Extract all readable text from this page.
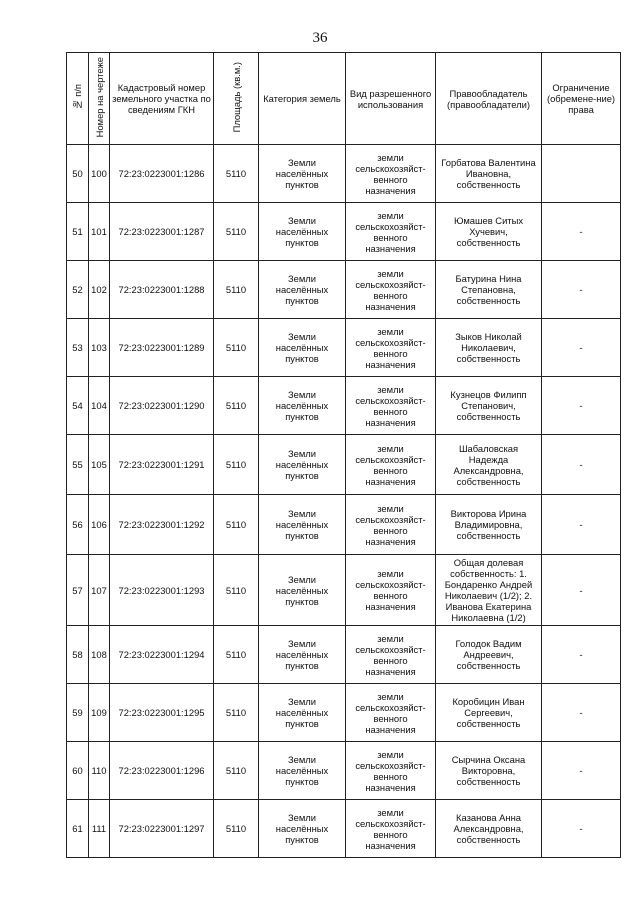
36
№ п/п	Номер на чертеже	Кадастровый номер земельного участка по сведениям ГКН	Площадь (кв.м.)	Категория земель	Вид разрешенного использования	Правообладатель (правообладатели)	Ограничение (обремене-ние) права
50	100	72:23:0223001:1286	5110	Земли населённых пунктов	земли сельскохозяйст-венного назначения	Горбатова Валентина Ивановна, собственность	
51	101	72:23:0223001:1287	5110	Земли населённых пунктов	земли сельскохозяйст-венного назначения	Юмашев Ситых Хучевич, собственность	-
52	102	72:23:0223001:1288	5110	Земли населённых пунктов	земли сельскохозяйст-венного назначения	Батурина Нина Степановна, собственность	-
53	103	72:23:0223001:1289	5110	Земли населённых пунктов	земли сельскохозяйст-венного назначения	Зыков Николай Николаевич, собственность	-
54	104	72:23:0223001:1290	5110	Земли населённых пунктов	земли сельскохозяйст-венного назначения	Кузнецов Филипп Степанович, собственность	-
55	105	72:23:0223001:1291	5110	Земли населённых пунктов	земли сельскохозяйст-венного назначения	Шабаловская Надежда Александровна, собственность	-
56	106	72:23:0223001:1292	5110	Земли населённых пунктов	земли сельскохозяйст-венного назначения	Викторова Ирина Владимировна, собственность	-
57	107	72:23:0223001:1293	5110	Земли населённых пунктов	земли сельскохозяйст-венного назначения	Общая долевая собственность: 1. Бондаренко Андрей Николаевич (1/2); 2. Иванова Екатерина Николаевна (1/2)	-
58	108	72:23:0223001:1294	5110	Земли населённых пунктов	земли сельскохозяйст-венного назначения	Голодок Вадим Андреевич, собственность	-
59	109	72:23:0223001:1295	5110	Земли населённых пунктов	земли сельскохозяйст-венного назначения	Коробицин Иван Сергеевич, собственность	-
60	110	72:23:0223001:1296	5110	Земли населённых пунктов	земли сельскохозяйст-венного назначения	Сырчина Оксана Викторовна, собственность	-
61	111	72:23:0223001:1297	5110	Земли населённых пунктов	земли сельскохозяйст-венного назначения	Казанова Анна Александровна, собственность	-
